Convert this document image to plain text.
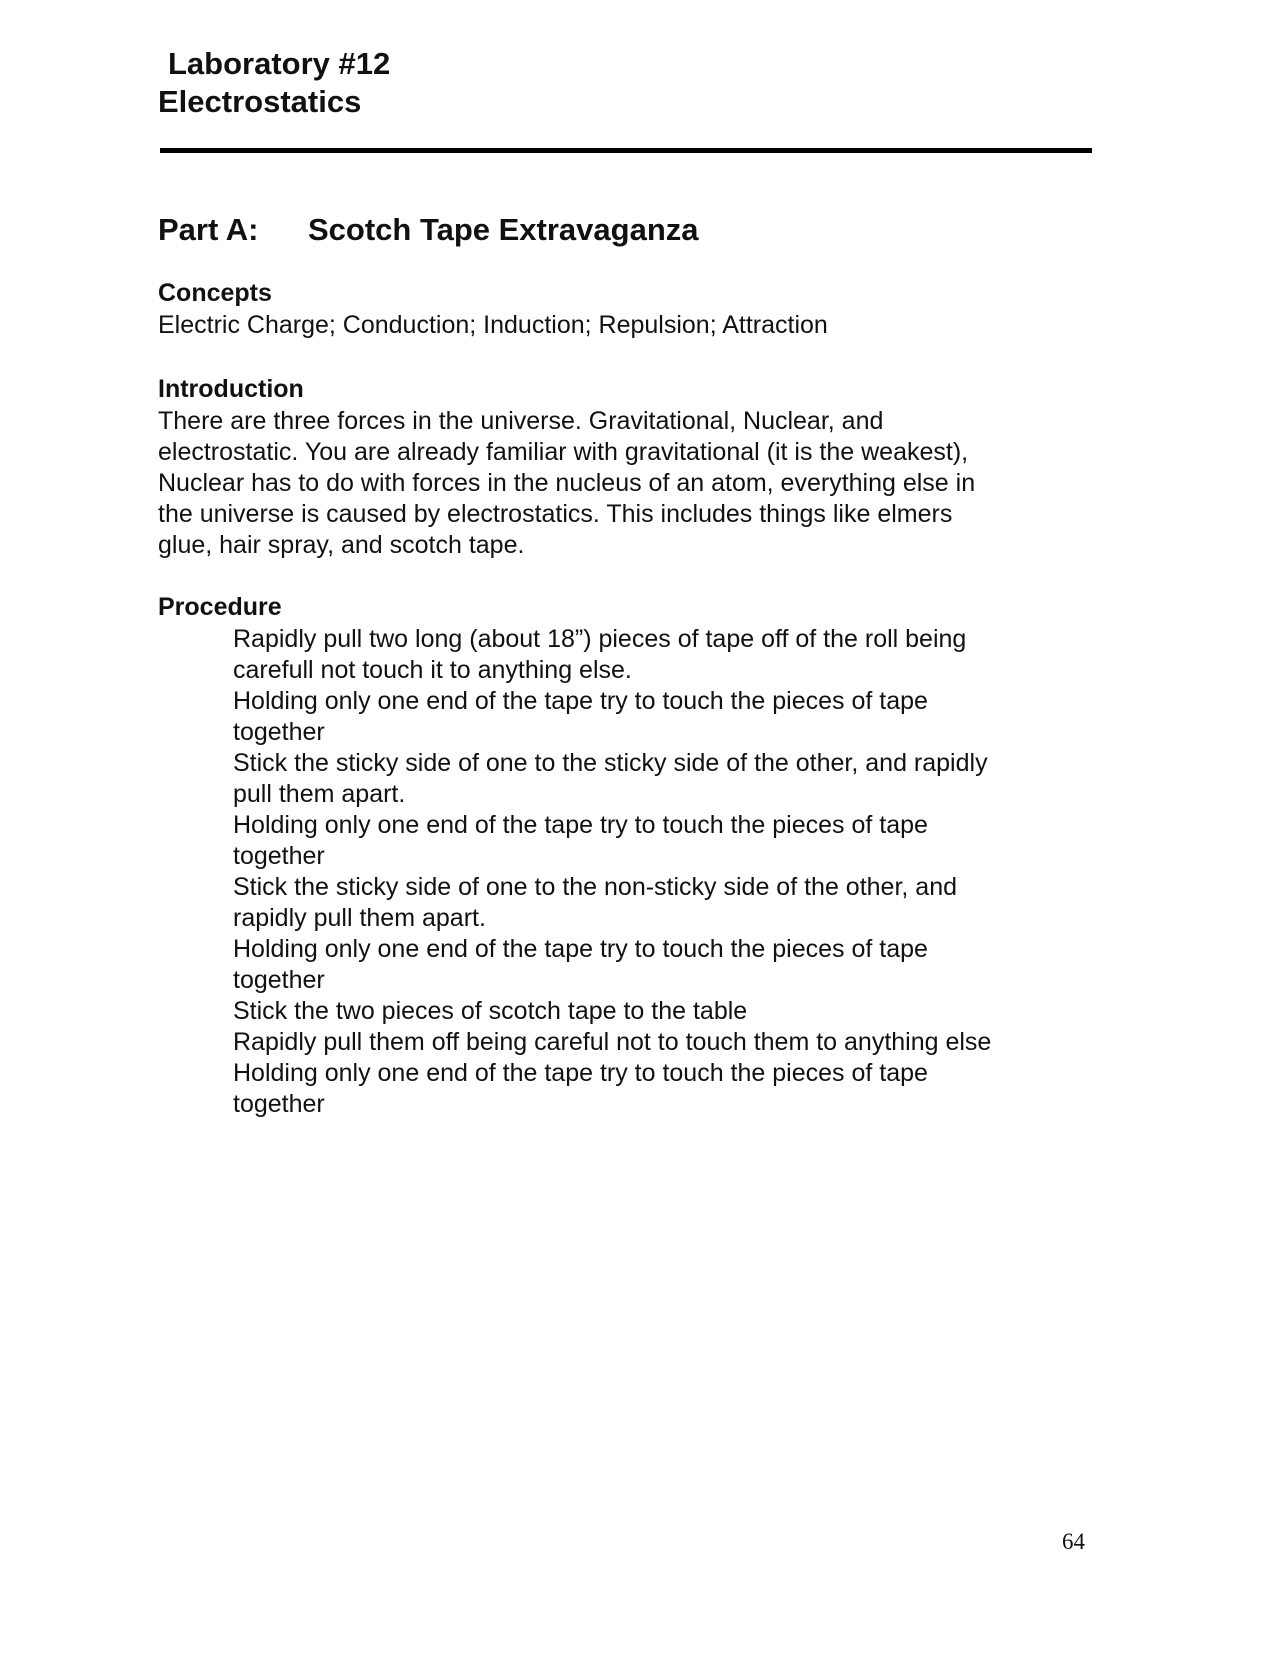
Laboratory #12
Electrostatics
Part A: Scotch Tape Extravaganza
Concepts
Electric Charge; Conduction; Induction; Repulsion; Attraction
Introduction
There are three forces in the universe. Gravitational, Nuclear, and
electrostatic. You are already familiar with gravitational (it is the weakest),
Nuclear has to do with forces in the nucleus of an atom, everything else in
the universe is caused by electrostatics. This includes things like elmers
glue, hair spray, and scotch tape.
Procedure
Rapidly pull two long (about 18”) pieces of tape off of the roll being
carefull not touch it to anything else.
Holding only one end of the tape try to touch the pieces of tape
together
Stick the sticky side of one to the sticky side of the other, and rapidly
pull them apart.
Holding only one end of the tape try to touch the pieces of tape
together
Stick the sticky side of one to the non-sticky side of the other, and
rapidly pull them apart.
Holding only one end of the tape try to touch the pieces of tape
together
Stick the two pieces of scotch tape to the table
Rapidly pull them off being careful not to touch them to anything else
Holding only one end of the tape try to touch the pieces of tape
together
64
